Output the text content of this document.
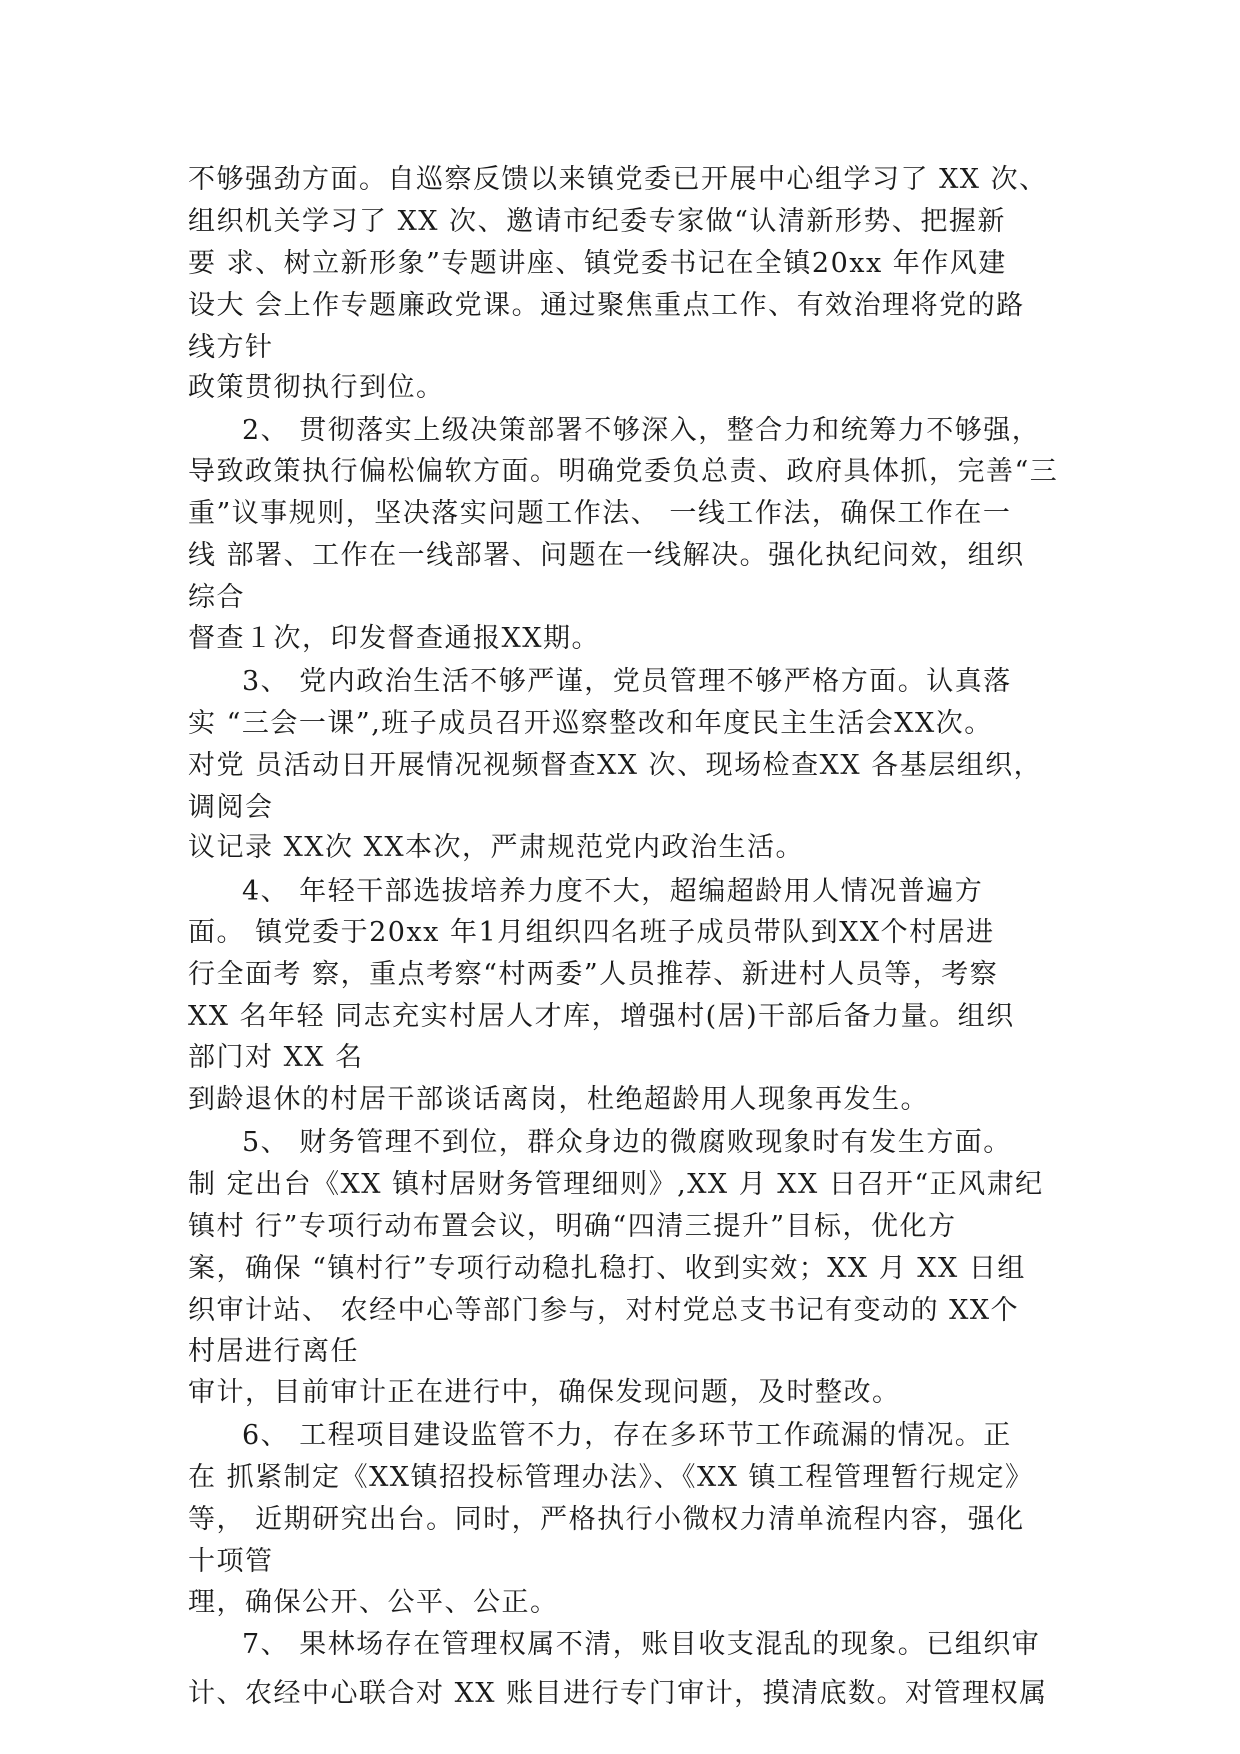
不够强劲方面。自巡察反馈以来镇党委已开展中心组学习了 XX 次、
组织机关学习了 XX 次、邀请市纪委专家做“认清新形势、把握新
要 求、树立新形象”专题讲座、镇党委书记在全镇20xx 年作风建
设大 会上作专题廉政党课。通过聚焦重点工作、有效治理将党的路
线方针
政策贯彻执行到位。
2、 贯彻落实上级决策部署不够深入，整合力和统筹力不够强，
导致政策执行偏松偏软方面。明确党委负总责、政府具体抓，完善“三
重”议事规则，坚决落实问题工作法、 一线工作法，确保工作在一
线 部署、工作在一线部署、问题在一线解决。强化执纪问效，组织
综合
督查１次，印发督查通报XX期。
3、 党内政治生活不够严谨，党员管理不够严格方面。认真落
实 “三会一课”,班子成员召开巡察整改和年度民主生活会XX次。
对党 员活动日开展情况视频督查XX 次、现场检查XX 各基层组织，
调阅会
议记录 XX次 XX本次，严肃规范党内政治生活。
4、 年轻干部选拔培养力度不大，超编超龄用人情况普遍方
面。 镇党委于20xx 年1月组织四名班子成员带队到XX个村居进
行全面考 察，重点考察“村两委”人员推荐、新进村人员等，考察
XX 名年轻 同志充实村居人才库，增强村(居)干部后备力量。组织
部门对 XX 名
到龄退休的村居干部谈话离岗，杜绝超龄用人现象再发生。
5、 财务管理不到位，群众身边的微腐败现象时有发生方面。
制 定出台《XX 镇村居财务管理细则》,XX 月 XX 日召开“正风肃纪
镇村 行”专项行动布置会议，明确“四清三提升”目标，优化方
案，确保 “镇村行”专项行动稳扎稳打、收到实效；XX 月 XX 日组
织审计站、 农经中心等部门参与，对村党总支书记有变动的 XX个
村居进行离任
审计，目前审计正在进行中，确保发现问题，及时整改。
6、 工程项目建设监管不力，存在多环节工作疏漏的情况。正
在 抓紧制定《XX镇招投标管理办法》、《XX 镇工程管理暂行规定》
等， 近期研究出台。同时，严格执行小微权力清单流程内容，强化
十项管
理，确保公开、公平、公正。
7、 果林场存在管理权属不清，账目收支混乱的现象。已组织审
计、农经中心联合对 XX 账目进行专门审计，摸清底数。对管理权属
